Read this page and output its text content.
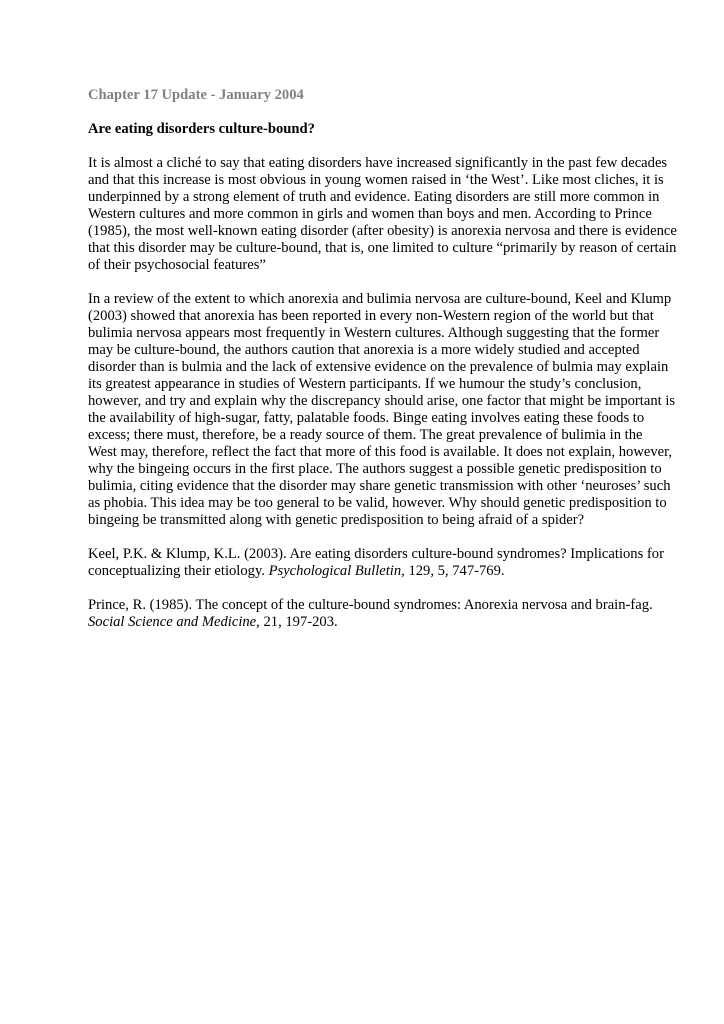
Chapter 17 Update - January 2004
Are eating disorders culture-bound?

It is almost a cliché to say that eating disorders have increased significantly in the past few decades
and that this increase is most obvious in young women raised in ‘the West’. Like most cliches, it is
underpinned by a strong element of truth and evidence. Eating disorders are still more common in
Western cultures and more common in girls and women than boys and men. According to Prince
(1985), the most well-known eating disorder (after obesity) is anorexia nervosa and there is evidence
that this disorder may be culture-bound, that is, one limited to culture “primarily by reason of certain
of their psychosocial features”

In a review of the extent to which anorexia and bulimia nervosa are culture-bound, Keel and Klump
(2003) showed that anorexia has been reported in every non-Western region of the world but that
bulimia nervosa appears most frequently in Western cultures. Although suggesting that the former
may be culture-bound, the authors caution that anorexia is a more widely studied and accepted
disorder than is bulmia and the lack of extensive evidence on the prevalence of bulmia may explain
its greatest appearance in studies of Western participants. If we humour the study’s conclusion,
however, and try and explain why the discrepancy should arise, one factor that might be important is
the availability of high-sugar, fatty, palatable foods. Binge eating involves eating these foods to
excess; there must, therefore, be a ready source of them. The great prevalence of bulimia in the
West may, therefore, reflect the fact that more of this food is available. It does not explain, however,
why the bingeing occurs in the first place. The authors suggest a possible genetic predisposition to
bulimia, citing evidence that the disorder may share genetic transmission with other ‘neuroses’ such
as phobia. This idea may be too general to be valid, however. Why should genetic predisposition to
bingeing be transmitted along with genetic predisposition to being afraid of a spider?

Keel, P.K. & Klump, K.L. (2003). Are eating disorders culture-bound syndromes? Implications for
conceptualizing their etiology. Psychological Bulletin, 129, 5, 747-769.

Prince, R. (1985). The concept of the culture-bound syndromes: Anorexia nervosa and brain-fag.
Social Science and Medicine, 21, 197-203.
